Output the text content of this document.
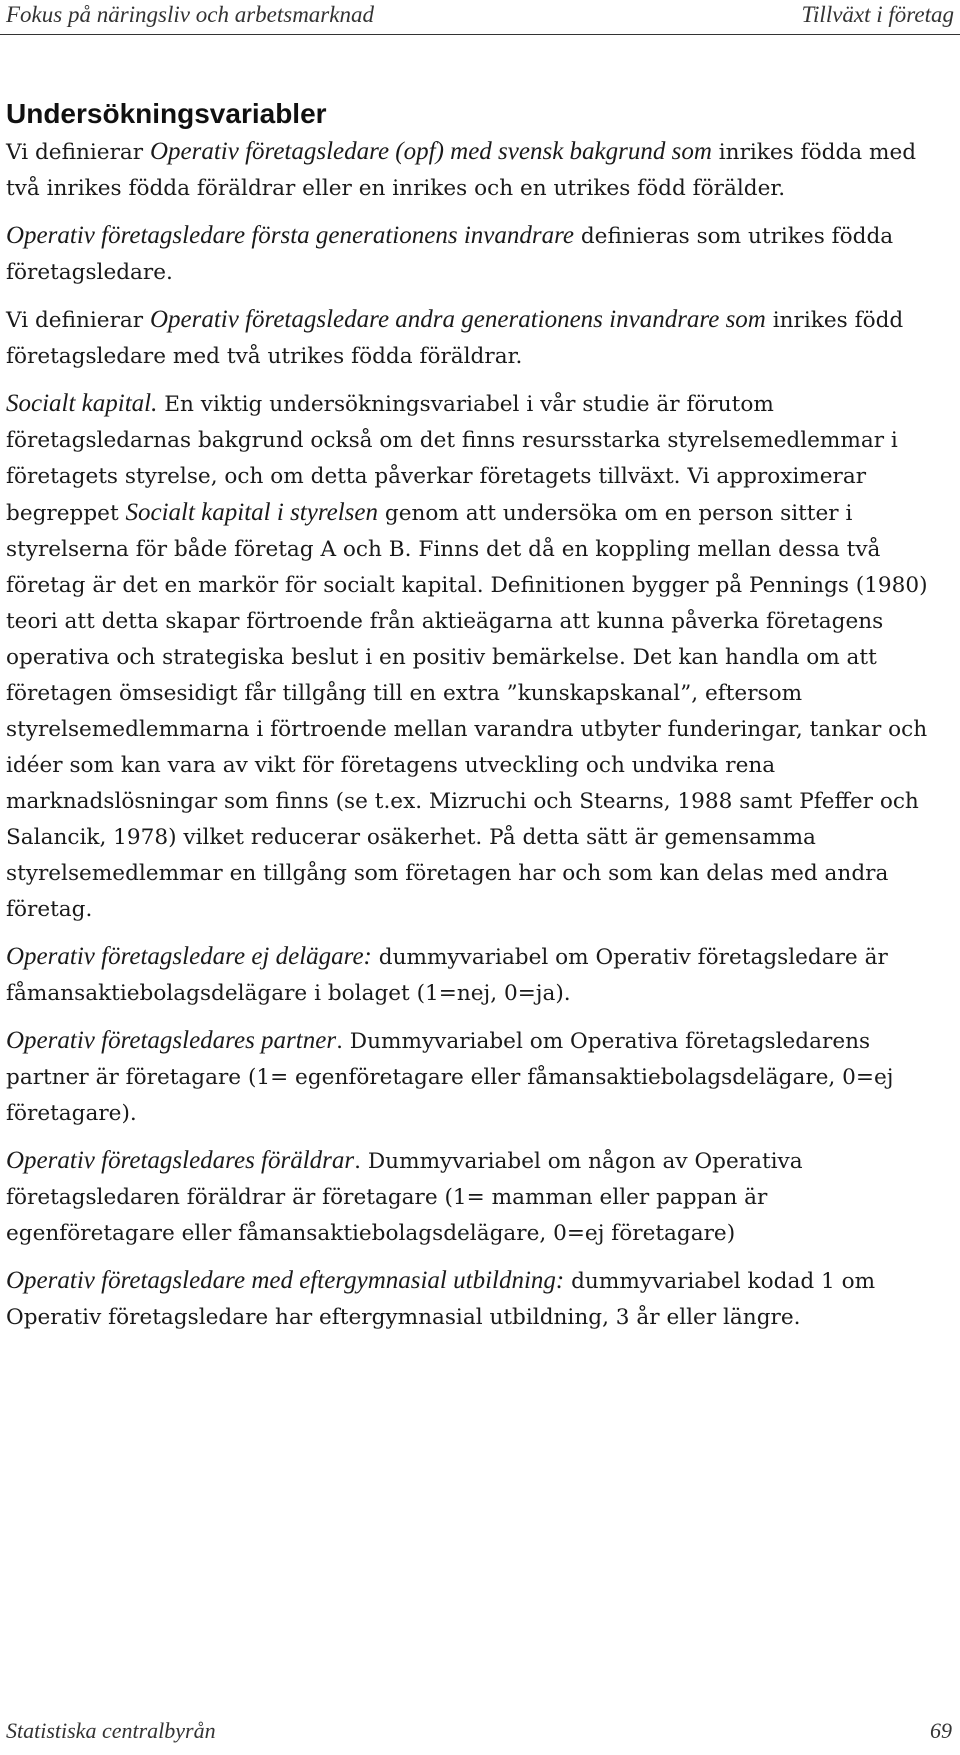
Fokus på näringsliv och arbetsmarknad	Tillväxt i företag
Undersökningsvariabler

Vi definierar Operativ företagsledare (opf) med svensk bakgrund som inrikes födda med två inrikes födda föräldrar eller en inrikes och en utrikes född förälder.

Operativ företagsledare första generationens invandrare definieras som utrikes födda företagsledare.

Vi definierar Operativ företagsledare andra generationens invandrare som inrikes född företagsledare med två utrikes födda föräldrar.

Socialt kapital. En viktig undersökningsvariabel i vår studie är förutom företagsledarnas bakgrund också om det finns resursstarka styrelsemedlemmar i företagets styrelse, och om detta påverkar företagets tillväxt. Vi approximerar begreppet Socialt kapital i styrelsen genom att undersöka om en person sitter i styrelserna för både företag A och B. Finns det då en koppling mellan dessa två företag är det en markör för socialt kapital. Definitionen bygger på Pennings (1980) teori att detta skapar förtroende från aktieägarna att kunna påverka företagens operativa och strategiska beslut i en positiv bemärkelse. Det kan handla om att företagen ömsesidigt får tillgång till en extra ”kunskapskanal”, eftersom styrelsemedlemmarna i förtroende mellan varandra utbyter funderingar, tankar och idéer som kan vara av vikt för företagens utveckling och undvika rena marknadslösningar som finns (se t.ex. Mizruchi och Stearns, 1988 samt Pfeffer och Salancik, 1978) vilket reducerar osäkerhet. På detta sätt är gemensamma styrelsemedlemmar en tillgång som företagen har och som kan delas med andra företag.

Operativ företagsledare ej delägare: dummyvariabel om Operativ företagsledare är fåmansaktiebolagsdelägare i bolaget (1=nej, 0=ja).

Operativ företagsledares partner. Dummyvariabel om Operativa företagsledarens partner är företagare (1= egenföretagare eller fåmansaktiebolagsdelägare, 0=ej företagare).

Operativ företagsledares föräldrar. Dummyvariabel om någon av Operativa företagsledaren föräldrar är företagare (1= mamman eller pappan är egenföretagare eller fåmansaktiebolagsdelägare, 0=ej företagare)

Operativ företagsledare med eftergymnasial utbildning: dummyvariabel kodad 1 om Operativ företagsledare har eftergymnasial utbildning, 3 år eller längre.

Statistiska centralbyrån	69
